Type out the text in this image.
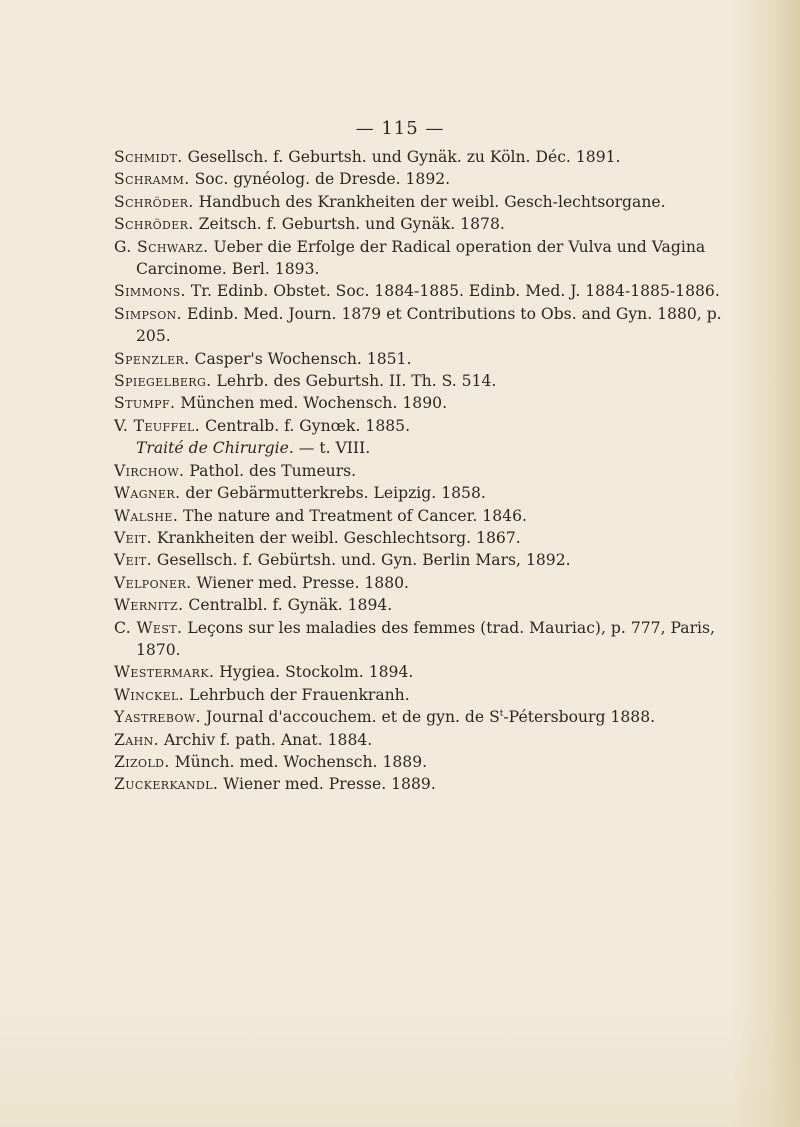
— 115 —
Schmidt. Gesellsch. f. Geburtsh. und Gynäk. zu Köln. Déc. 1891.
Schramm. Soc. gynéolog. de Dresde. 1892.
Schröder. Handbuch des Krankheiten der weibl. Gesch-lechtsorgane.
Schröder. Zeitsch. f. Geburtsh. und Gynäk. 1878.
G. Schwarz. Ueber die Erfolge der Radical operation der Vulva und Vagina Carcinome. Berl. 1893.
Simmons. Tr. Edinb. Obstet. Soc. 1884-1885. Edinb. Med. J. 1884-1885-1886.
Simpson. Edinb. Med. Journ. 1879 et Contributions to Obs. and Gyn. 1880, p. 205.
Spenzler. Casper's Wochensch. 1851.
Spiegelberg. Lehrb. des Geburtsh. II. Th. S. 514.
Stumpf. München med. Wochensch. 1890.
V. Teuffel. Centralb. f. Gynœk. 1885.
Traité de Chirurgie. — t. VIII.
Virchow. Pathol. des Tumeurs.
Wagner. der Gebärmutterkrebs. Leipzig. 1858.
Walshe. The nature and Treatment of Cancer. 1846.
Veit. Krankheiten der weibl. Geschlechtsorg. 1867.
Veit. Gesellsch. f. Gebürtsh. und. Gyn. Berlin Mars, 1892.
Velponer. Wiener med. Presse. 1880.
Wernitz. Centralbl. f. Gynäk. 1894.
C. West. Leçons sur les maladies des femmes (trad. Mauriac), p. 777, Paris, 1870.
Westermark. Hygiea. Stockolm. 1894.
Winckel. Lehrbuch der Frauenkranh.
Yastrebow. Journal d'accouchem. et de gyn. de $S^t$-Pétersbourg 1888.
Zahn. Archiv f. path. Anat. 1884.
Zizold. Münch. med. Wochensch. 1889.
Zuckerkandl. Wiener med. Presse. 1889.
